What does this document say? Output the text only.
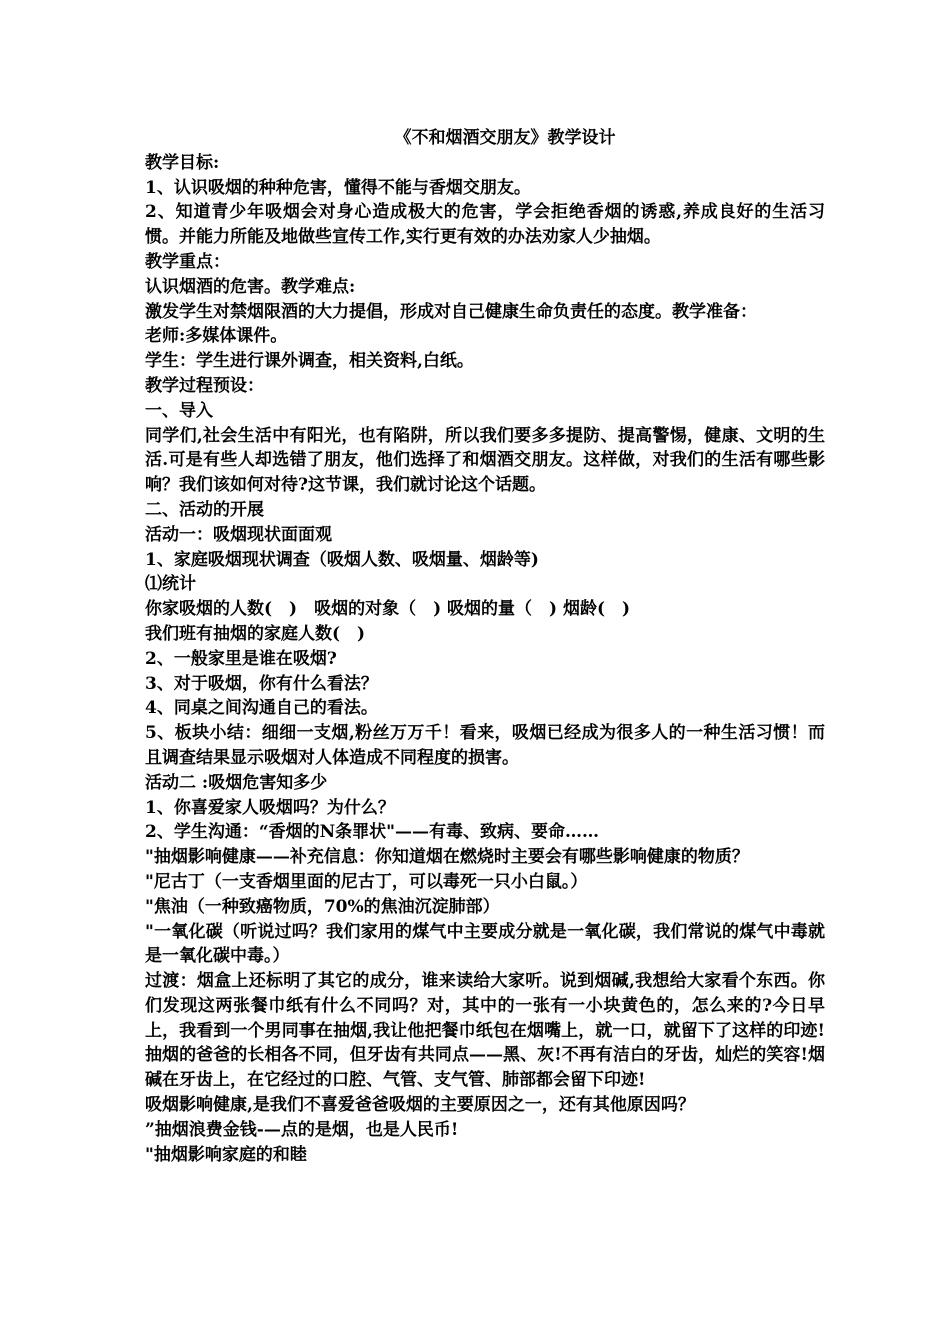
《不和烟酒交朋友》教学设计

教学目标:

1、认识吸烟的种种危害，懂得不能与香烟交朋友。

2、知道青少年吸烟会对身心造成极大的危害，学会拒绝香烟的诱惑,养成良好的生活习惯。并能力所能及地做些宣传工作,实行更有效的办法劝家人少抽烟。

教学重点：

认识烟酒的危害。教学难点:

激发学生对禁烟限酒的大力提倡，形成对自己健康生命负责任的态度。教学准备：

老师:多媒体课件。

学生：学生进行课外调查，相关资料,白纸。

教学过程预设：

一、导入

同学们,社会生活中有阳光，也有陷阱，所以我们要多多提防、提高警惕，健康、文明的生活.可是有些人却选错了朋友，他们选择了和烟酒交朋友。这样做，对我们的生活有哪些影响？我们该如何对待?这节课，我们就讨论这个话题。

二、活动的开展

活动一：吸烟现状面面观

1、家庭吸烟现状调查（吸烟人数、吸烟量、烟龄等)

⑴统计

你家吸烟的人数(　)　吸烟的对象（　) 吸烟的量（　) 烟龄(　)

我们班有抽烟的家庭人数(　)

2、一般家里是谁在吸烟?

3、对于吸烟，你有什么看法？

4、同桌之间沟通自己的看法。

5、板块小结：细细一支烟,粉丝万万千！看来，吸烟已经成为很多人的一种生活习惯！而且调查结果显示吸烟对人体造成不同程度的损害。

活动二 :吸烟危害知多少

1、你喜爱家人吸烟吗？为什么？

2、学生沟通：“香烟的N条罪状"——有毒、致病、要命……

"抽烟影响健康——补充信息：你知道烟在燃烧时主要会有哪些影响健康的物质？

"尼古丁（一支香烟里面的尼古丁，可以毒死一只小白鼠。）

"焦油（一种致癌物质，70%的焦油沉淀肺部）

"一氧化碳（听说过吗？我们家用的煤气中主要成分就是一氧化碳，我们常说的煤气中毒就是一氧化碳中毒。）

过渡：烟盒上还标明了其它的成分，谁来读给大家听。说到烟碱,我想给大家看个东西。你们发现这两张餐巾纸有什么不同吗？对，其中的一张有一小块黄色的，怎么来的?今日早上，我看到一个男同事在抽烟,我让他把餐巾纸包在烟嘴上，就一口，就留下了这样的印迹!抽烟的爸爸的长相各不同，但牙齿有共同点——黑、灰!不再有洁白的牙齿，灿烂的笑容!烟碱在牙齿上，在它经过的口腔、气管、支气管、肺部都会留下印迹!

吸烟影响健康,是我们不喜爱爸爸吸烟的主要原因之一，还有其他原因吗？

”抽烟浪费金钱-—点的是烟，也是人民币!

"抽烟影响家庭的和睦
